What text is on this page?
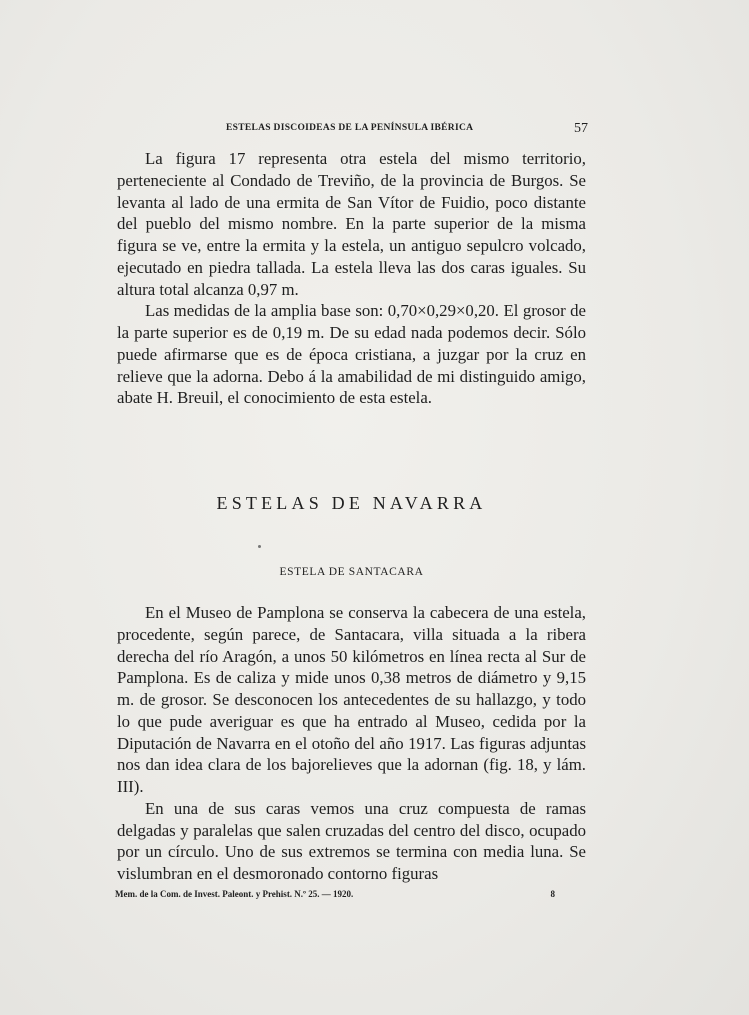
ESTELAS DISCOIDEAS DE LA PENÍNSULA IBÉRICA	57

La figura 17 representa otra estela del mismo territorio, perteneciente al Condado de Treviño, de la provincia de Burgos. Se levanta al lado de una ermita de San Vítor de Fuidio, poco distante del pueblo del mismo nombre. En la parte superior de la misma figura se ve, entre la ermita y la estela, un antiguo sepulcro volcado, ejecutado en piedra tallada. La estela lleva las dos caras iguales. Su altura total alcanza 0,97 m.

Las medidas de la amplia base son: 0,70×0,29×0,20. El grosor de la parte superior es de 0,19 m. De su edad nada podemos decir. Sólo puede afirmarse que es de época cristiana, a juzgar por la cruz en relieve que la adorna. Debo á la amabilidad de mi distinguido amigo, abate H. Breuil, el conocimiento de esta estela.

ESTELAS DE NAVARRA
ESTELA DE SANTACARA

En el Museo de Pamplona se conserva la cabecera de una estela, procedente, según parece, de Santacara, villa situada a la ribera derecha del río Aragón, a unos 50 kilómetros en línea recta al Sur de Pamplona. Es de caliza y mide unos 0,38 metros de diámetro y 9,15 m. de grosor. Se desconocen los antecedentes de su hallazgo, y todo lo que pude averiguar es que ha entrado al Museo, cedida por la Diputación de Navarra en el otoño del año 1917. Las figuras adjuntas nos dan idea clara de los bajorelieves que la adornan (fig. 18, y lám. III).

En una de sus caras vemos una cruz compuesta de ramas delgadas y paralelas que salen cruzadas del centro del disco, ocupado por un círculo. Uno de sus extremos se termina con media luna. Se vislumbran en el desmoronado contorno figuras

Mem. de la Com. de Invest. Paleont. y Prehist. N.º 25. — 1920.	8
